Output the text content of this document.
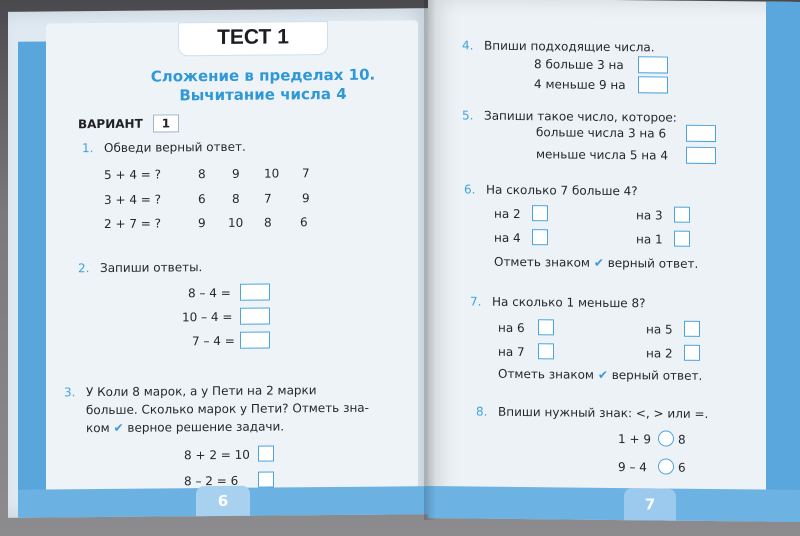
6
ТЕСТ 1
Сложение в пределах 10.
Вычитание числа 4
ВАРИАНТ 1
1. Обведи верный ответ.
5 + 4 = ?	8 9 10 7
3 + 4 = ?	6 8 7	9
2 + 7 = ?	9 10 8 6
2. Запиши ответы.
8 – 4 =
10 – 4 =
7 – 4 =
3. У Коли 8 марок, а у Пети на 2 марки
больше. Сколько марок у Пети? Отметь зна-
ком ✔ верное решение задачи.
8 + 2 = 10
8 – 2 = 6
7
4. Впиши подходящие числа.
8 больше 3 на
4 меньше 9 на
5. Запиши такое число, которое:
больше числа 3 на 6
меньше числа 5 на 4
6. На сколько 7 больше 4?
на 2	на 3
на 4	на 1
Отметь знаком ✔ верный ответ.
7. На сколько 1 меньше 8?
на 6	на 5
на 7	на 2
Отметь знаком ✔ верный ответ.
8. Впиши нужный знак: <, > или =.
1 + 9 8
9 – 4	6
